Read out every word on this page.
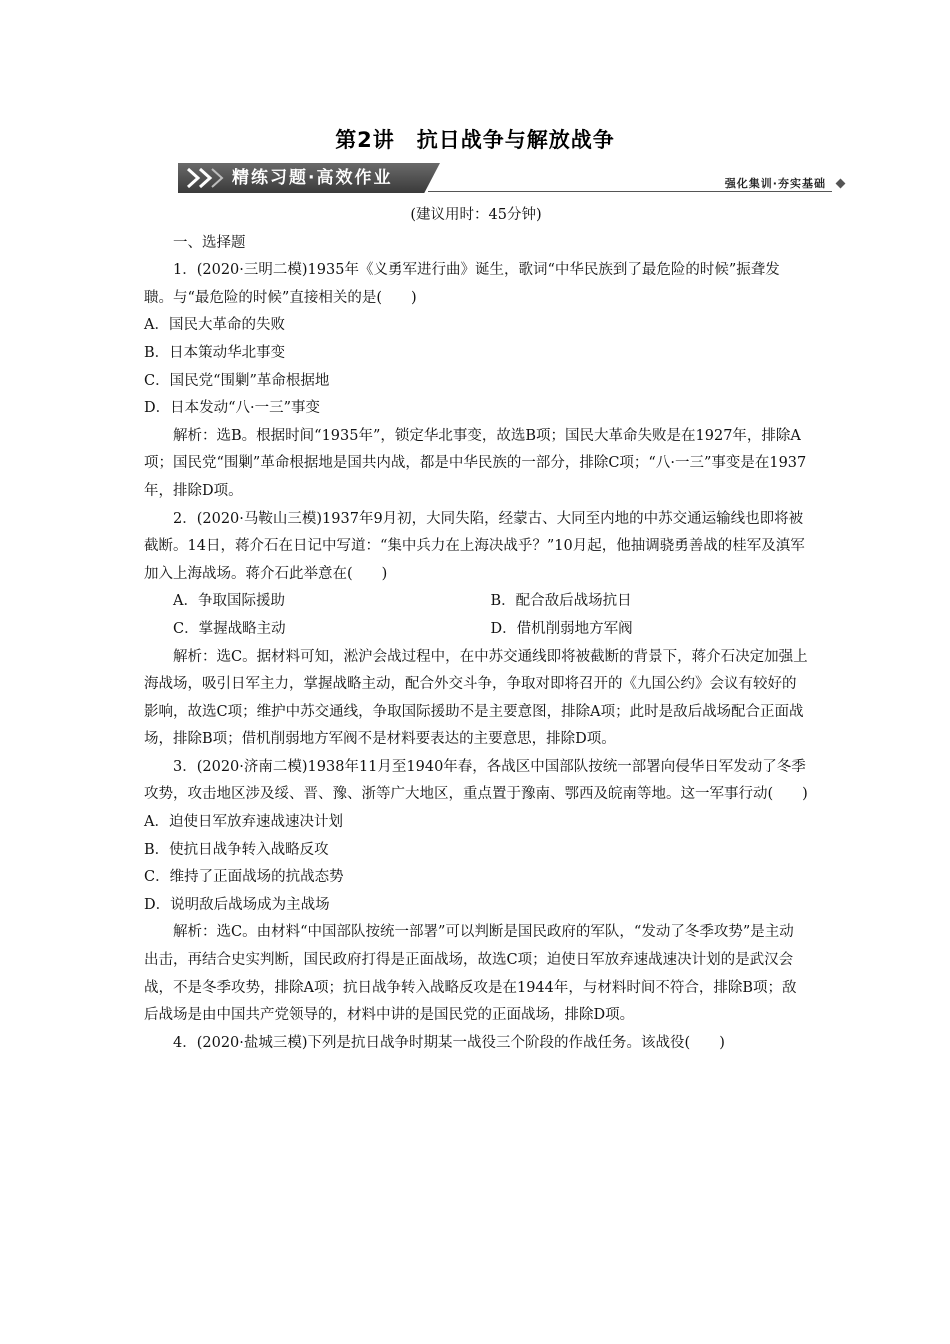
第2讲　抗日战争与解放战争
精练习题·高效作业	强化集训·夯实基础

(建议用时：45分钟)

一、选择题

1．(2020·三明二模)1935年《义勇军进行曲》诞生，歌词“中华民族到了最危险的时候”振聋发聩。与“最危险的时候”直接相关的是(　　)

A．国民大革命的失败

B．日本策动华北事变

C．国民党“围剿”革命根据地

D．日本发动“八·一三”事变

解析：选B。根据时间“1935年”，锁定华北事变，故选B项；国民大革命失败是在1927年，排除A项；国民党“围剿”革命根据地是国共内战，都是中华民族的一部分，排除C项；“八·一三”事变是在1937年，排除D项。

2．(2020·马鞍山三模)1937年9月初，大同失陷，经蒙古、大同至内地的中苏交通运输线也即将被截断。14日，蒋介石在日记中写道：“集中兵力在上海决战乎？”10月起，他抽调骁勇善战的桂军及滇军加入上海战场。蒋介石此举意在(　　)

A．争取国际援助	B．配合敌后战场抗日
C．掌握战略主动	D．借机削弱地方军阀

解析：选C。据材料可知，淞沪会战过程中，在中苏交通线即将被截断的背景下，蒋介石决定加强上海战场，吸引日军主力，掌握战略主动，配合外交斗争，争取对即将召开的《九国公约》会议有较好的影响，故选C项；维护中苏交通线，争取国际援助不是主要意图，排除A项；此时是敌后战场配合正面战场，排除B项；借机削弱地方军阀不是材料要表达的主要意思，排除D项。

3．(2020·济南二模)1938年11月至1940年春，各战区中国部队按统一部署向侵华日军发动了冬季攻势，攻击地区涉及绥、晋、豫、浙等广大地区，重点置于豫南、鄂西及皖南等地。这一军事行动(　　)

A．迫使日军放弃速战速决计划

B．使抗日战争转入战略反攻

C．维持了正面战场的抗战态势

D．说明敌后战场成为主战场

解析：选C。由材料“中国部队按统一部署”可以判断是国民政府的军队，“发动了冬季攻势”是主动出击，再结合史实判断，国民政府打得是正面战场，故选C项；迫使日军放弃速战速决计划的是武汉会战，不是冬季攻势，排除A项；抗日战争转入战略反攻是在1944年，与材料时间不符合，排除B项；敌后战场是由中国共产党领导的，材料中讲的是国民党的正面战场，排除D项。

4．(2020·盐城三模)下列是抗日战争时期某一战役三个阶段的作战任务。该战役(　　)
